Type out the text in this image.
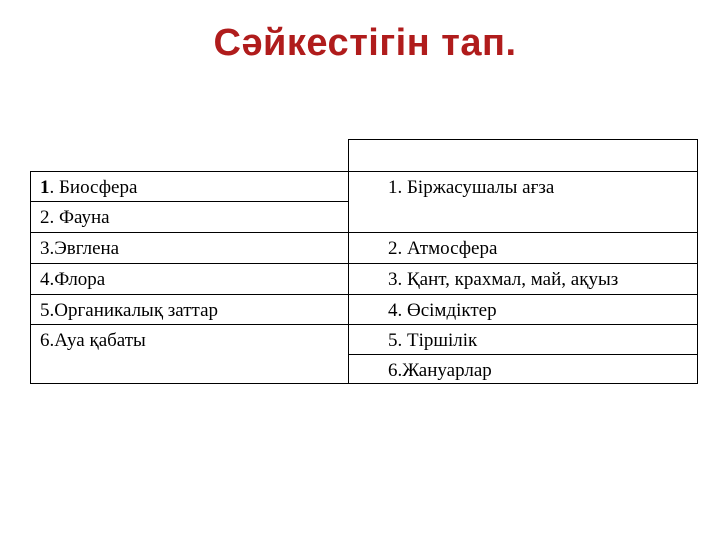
Сәйкестігін тап.
1. Биосфера
2. Фауна
3.Эвглена
4.Флора
5.Органикалық заттар
6.Ауа қабаты
1. Біржасушалы ағза
2. Атмосфера
3. Қант, крахмал, май, ақуыз
4. Өсімдіктер
5. Тіршілік
6.Жануарлар
